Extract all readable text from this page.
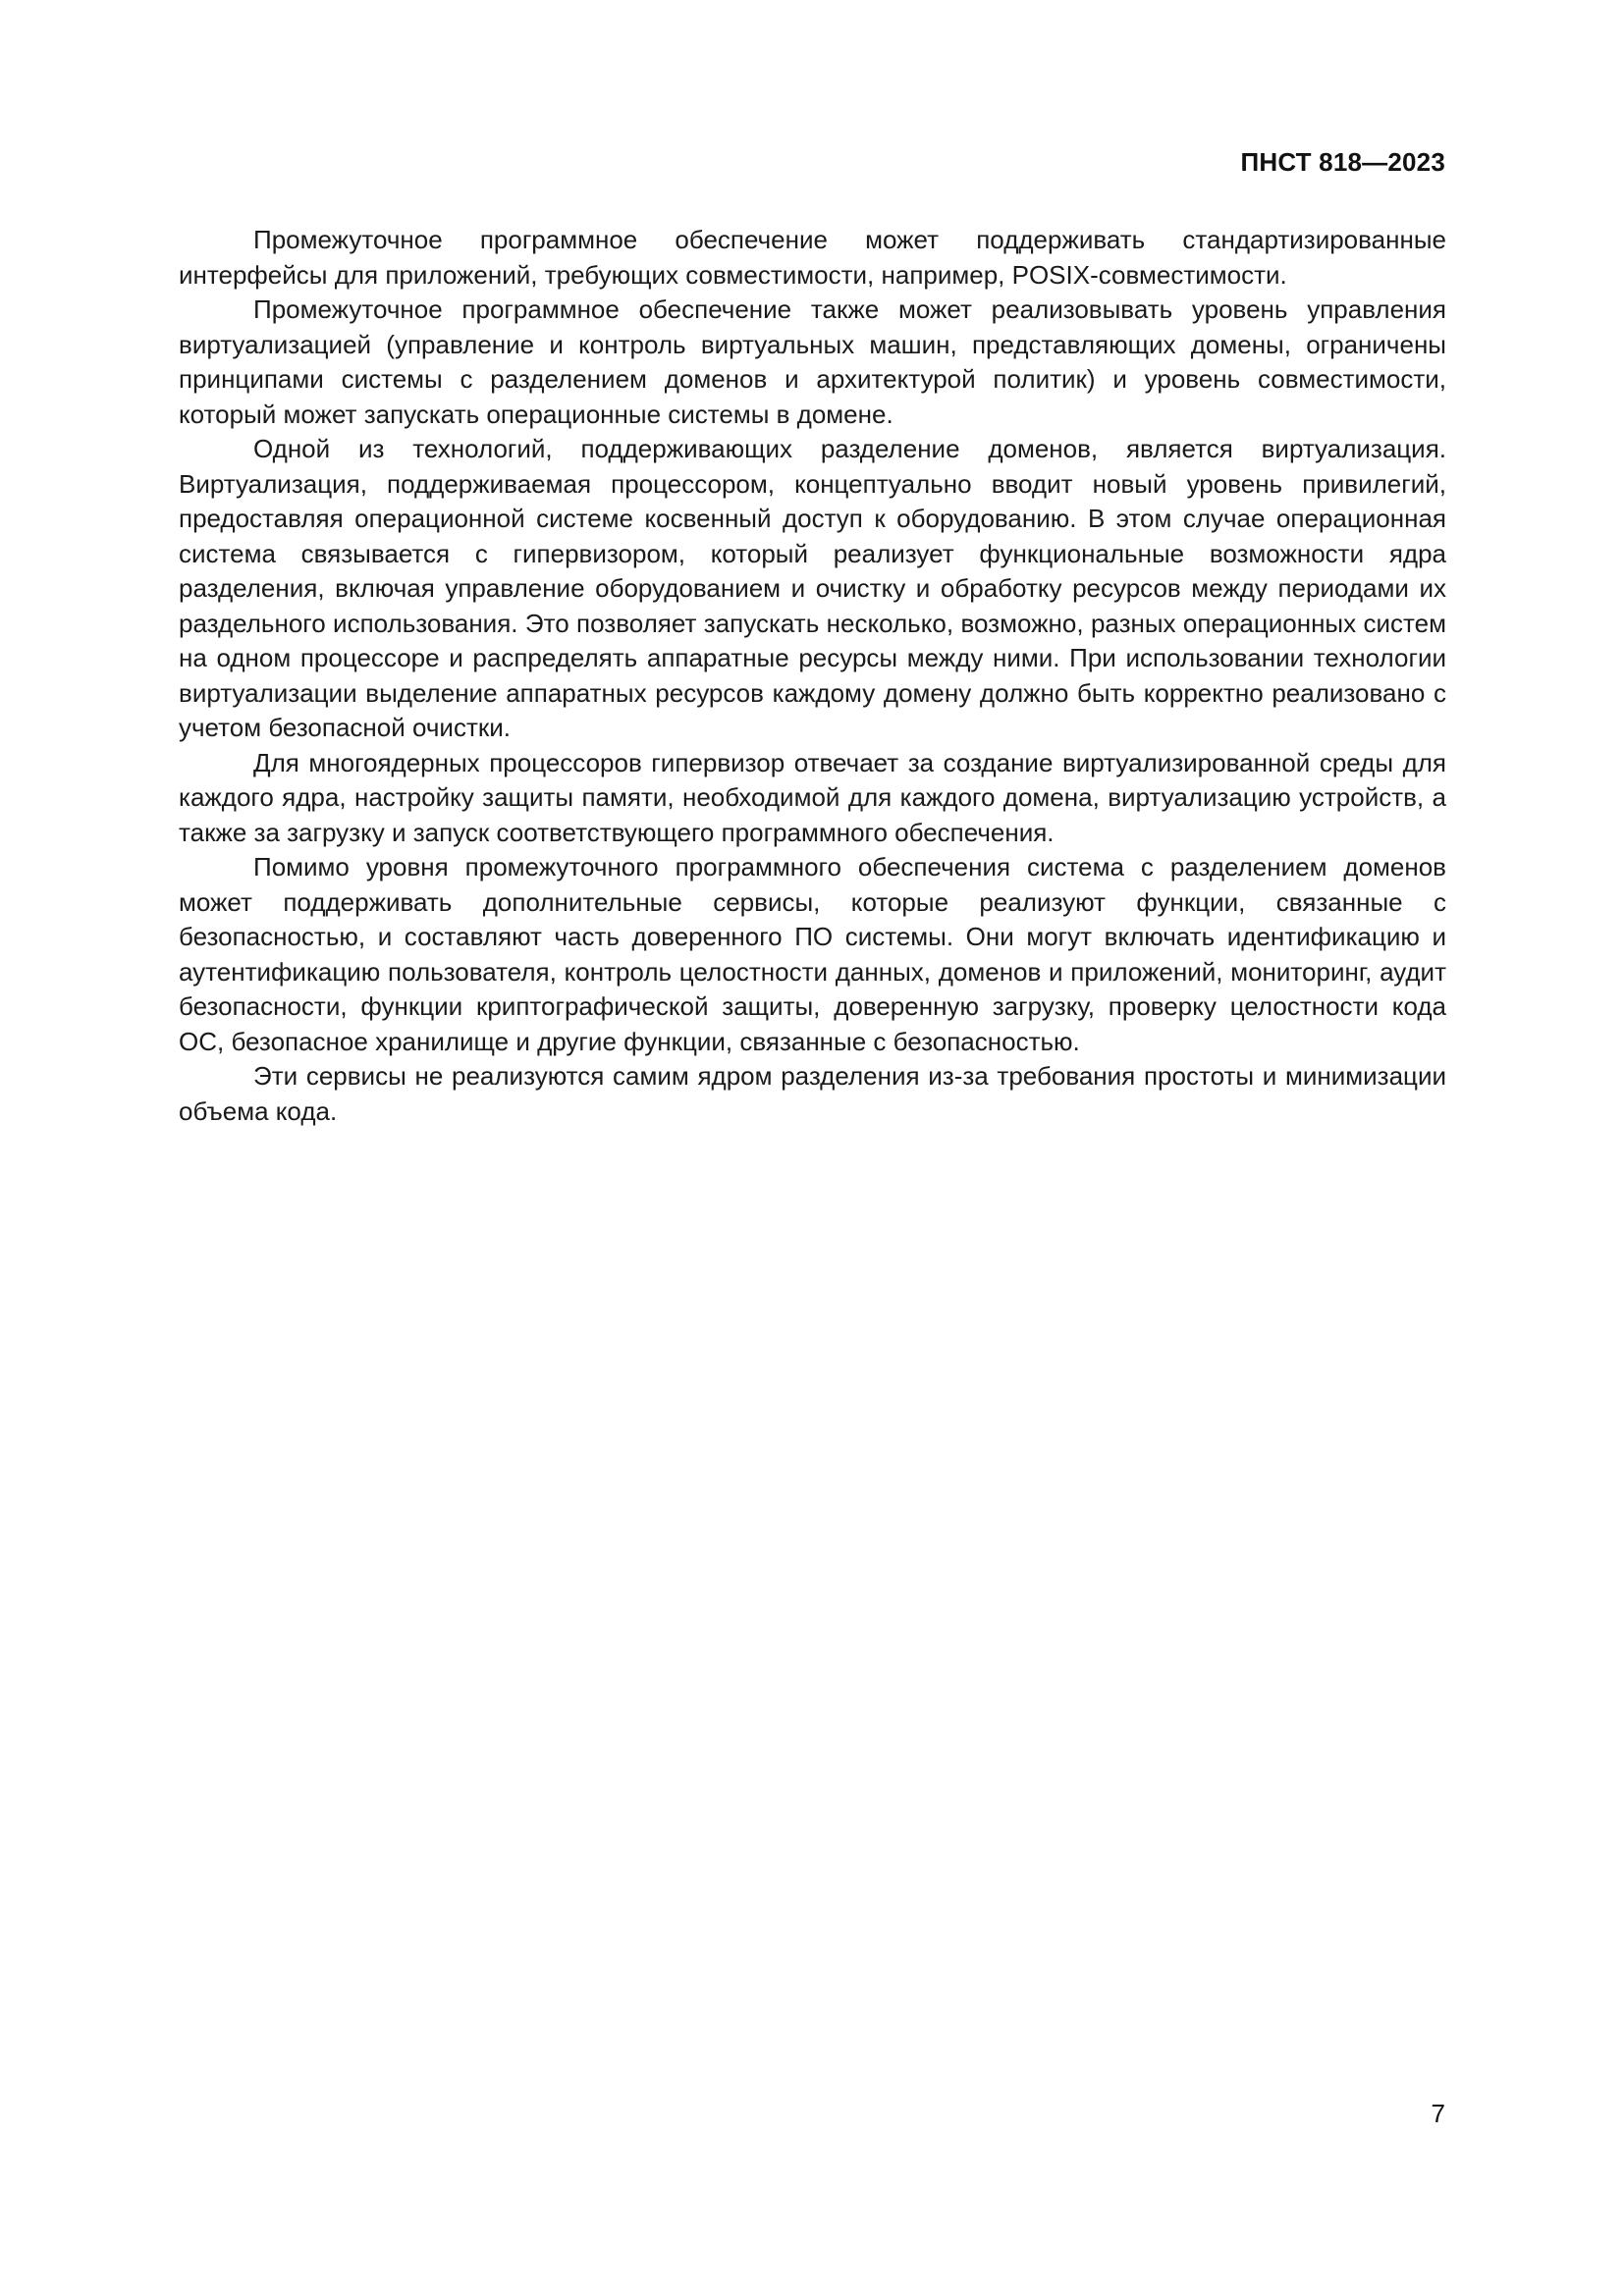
ПНСТ 818—2023

Промежуточное программное обеспечение может поддерживать стандартизированные интерфейсы для приложений, требующих совместимости, например, POSIX-совместимости.

Промежуточное программное обеспечение также может реализовывать уровень управления виртуализацией (управление и контроль виртуальных машин, представляющих домены, ограничены принципами системы с разделением доменов и архитектурой политик) и уровень совместимости, который может запускать операционные системы в домене.

Одной из технологий, поддерживающих разделение доменов, является виртуализация. Виртуализация, поддерживаемая процессором, концептуально вводит новый уровень привилегий, предоставляя операционной системе косвенный доступ к оборудованию. В этом случае операционная система связывается с гипервизором, который реализует функциональные возможности ядра разделения, включая управление оборудованием и очистку и обработку ресурсов между периодами их раздельного использования. Это позволяет запускать несколько, возможно, разных операционных систем на одном процессоре и распределять аппаратные ресурсы между ними. При использовании технологии виртуализации выделение аппаратных ресурсов каждому домену должно быть корректно реализовано с учетом безопасной очистки.

Для многоядерных процессоров гипервизор отвечает за создание виртуализированной среды для каждого ядра, настройку защиты памяти, необходимой для каждого домена, виртуализацию устройств, а также за загрузку и запуск соответствующего программного обеспечения.

Помимо уровня промежуточного программного обеспечения система с разделением доменов может поддерживать дополнительные сервисы, которые реализуют функции, связанные с безопасностью, и составляют часть доверенного ПО системы. Они могут включать идентификацию и аутентификацию пользователя, контроль целостности данных, доменов и приложений, мониторинг, аудит безопасности, функции криптографической защиты, доверенную загрузку, проверку целостности кода ОС, безопасное хранилище и другие функции, связанные с безопасностью.

Эти сервисы не реализуются самим ядром разделения из-за требования простоты и минимизации объема кода.

7
